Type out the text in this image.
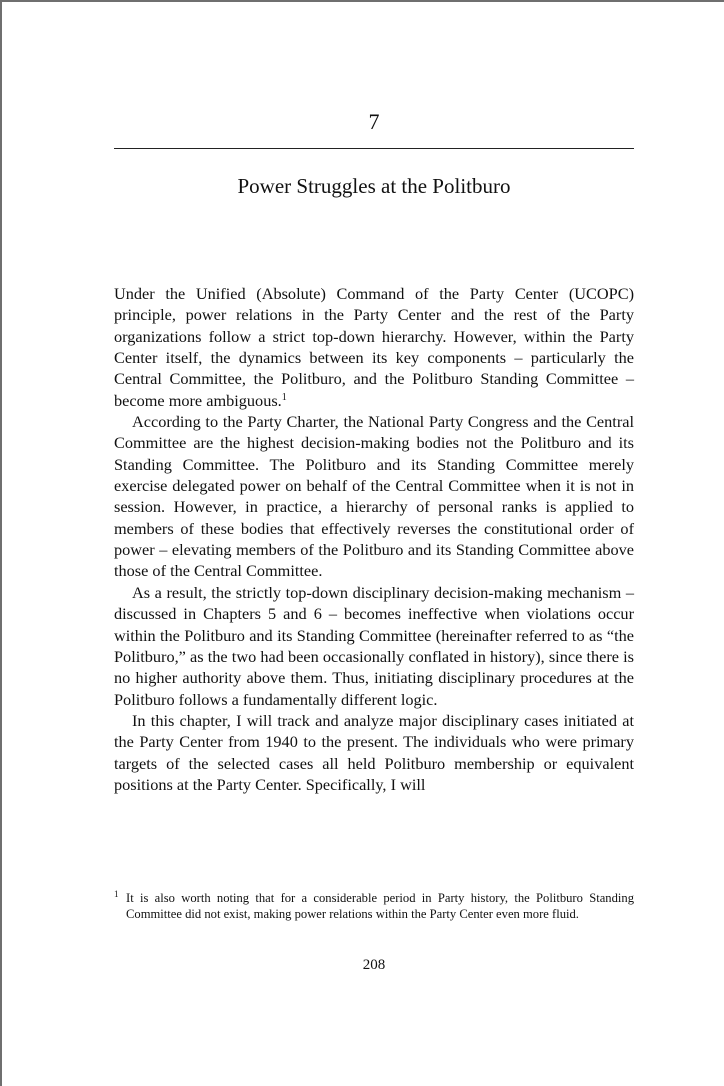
7
Power Struggles at the Politburo

Under the Unified (Absolute) Command of the Party Center (UCOPC) principle, power relations in the Party Center and the rest of the Party organizations follow a strict top-down hierarchy. However, within the Party Center itself, the dynamics between its key components – particularly the Central Committee, the Politburo, and the Politburo Standing Committee – become more ambiguous.$^1$

According to the Party Charter, the National Party Congress and the Central Committee are the highest decision-making bodies not the Politburo and its Standing Committee. The Politburo and its Standing Committee merely exercise delegated power on behalf of the Central Committee when it is not in session. However, in practice, a hierarchy of personal ranks is applied to members of these bodies that effectively reverses the constitutional order of power – elevating members of the Politburo and its Standing Committee above those of the Central Committee.

As a result, the strictly top-down disciplinary decision-making mechanism – discussed in Chapters 5 and 6 – becomes ineffective when violations occur within the Politburo and its Standing Committee (hereinafter referred to as “the Politburo,” as the two had been occasionally conflated in history), since there is no higher authority above them. Thus, initiating disciplinary procedures at the Politburo follows a fundamentally different logic.

In this chapter, I will track and analyze major disciplinary cases initiated at the Party Center from 1940 to the present. The individuals who were primary targets of the selected cases all held Politburo membership or equivalent positions at the Party Center. Specifically, I will

1 It is also worth noting that for a considerable period in Party history, the Politburo Standing Committee did not exist, making power relations within the Party Center even more fluid.
208
